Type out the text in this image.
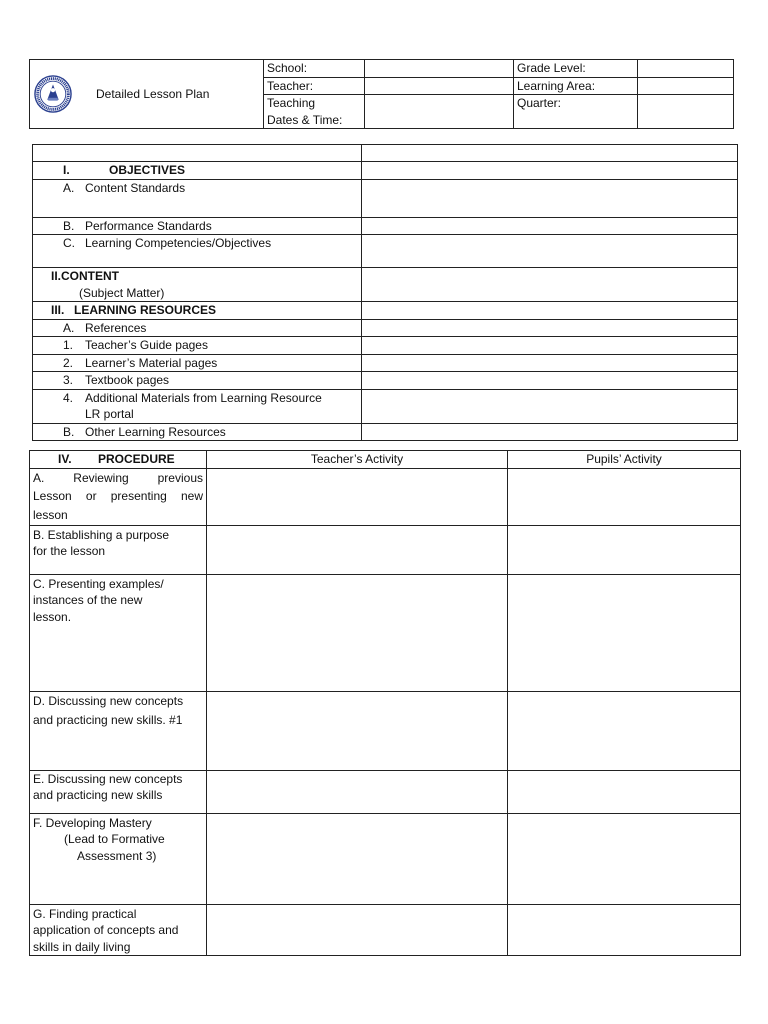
Detailed Lesson Plan	School:		Grade Level:	
	Teacher:		Learning Area:	

	Teaching
Dates & Time:		Quarter:	

I. OBJECTIVES	
A. Content Standards	
B. Performance Standards	
C. Learning Competencies/Objectives	

II.CONTENT
(Subject Matter)	

III. LEARNING RESOURCES	
A. References	
1. Teacher’s Guide pages	
2. Learner’s Material pages	
3. Textbook pages	

4. Additional Materials from Learning Resource
LR portal	

B. Other Learning Resources	
IV. PROCEDURE	Teacher’s Activity	Pupils’ Activity

A. Reviewing previous
Lesson or presenting new
lesson		

B. Establishing a purpose
for the lesson		

C. Presenting examples/
instances of the new
lesson.		

D. Discussing new concepts
and practicing new skills. #1		

E. Discussing new concepts
and practicing new skills		

F. Developing Mastery
(Lead to Formative
Assessment 3)		

G. Finding practical
application of concepts and
skills in daily living		
